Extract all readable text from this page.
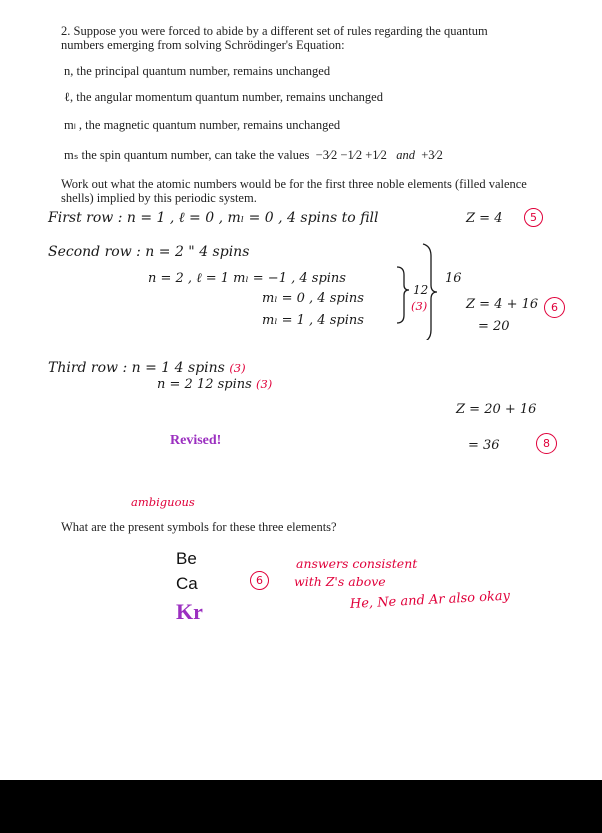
2. Suppose you were forced to abide by a different set of rules regarding the quantum
numbers emerging from solving Schrödinger's Equation:
n, the principal quantum number, remains unchanged
ℓ, the angular momentum quantum number, remains unchanged
mₗ , the magnetic quantum number, remains unchanged
mₛ the spin quantum number, can take the values −3⁄2 −1⁄2 +1⁄2 and +3⁄2
Work out what the atomic numbers would be for the first three noble elements (filled valence
shells) implied by this periodic system.
First row : n = 1 , ℓ = 0 , mₗ = 0 , 4 spins to fill	Z = 4	5
Second row : n = 2 " 4 spins
n = 2 , ℓ = 1 mₗ = −1 , 4 spins
mₗ = 0 , 4 spins
mₗ = 1 , 4 spins
12
(3)
16
Z = 4 + 16
= 20
6
Third row : n = 1 4 spins (3)
n = 2 12 spins (3)
Z = 20 + 16
= 36	8
Revised!
ambiguous
What are the present symbols for these three elements?
Be
Ca
Kr
6
answers consistent
with Z's above
He, Ne and Ar also okay
